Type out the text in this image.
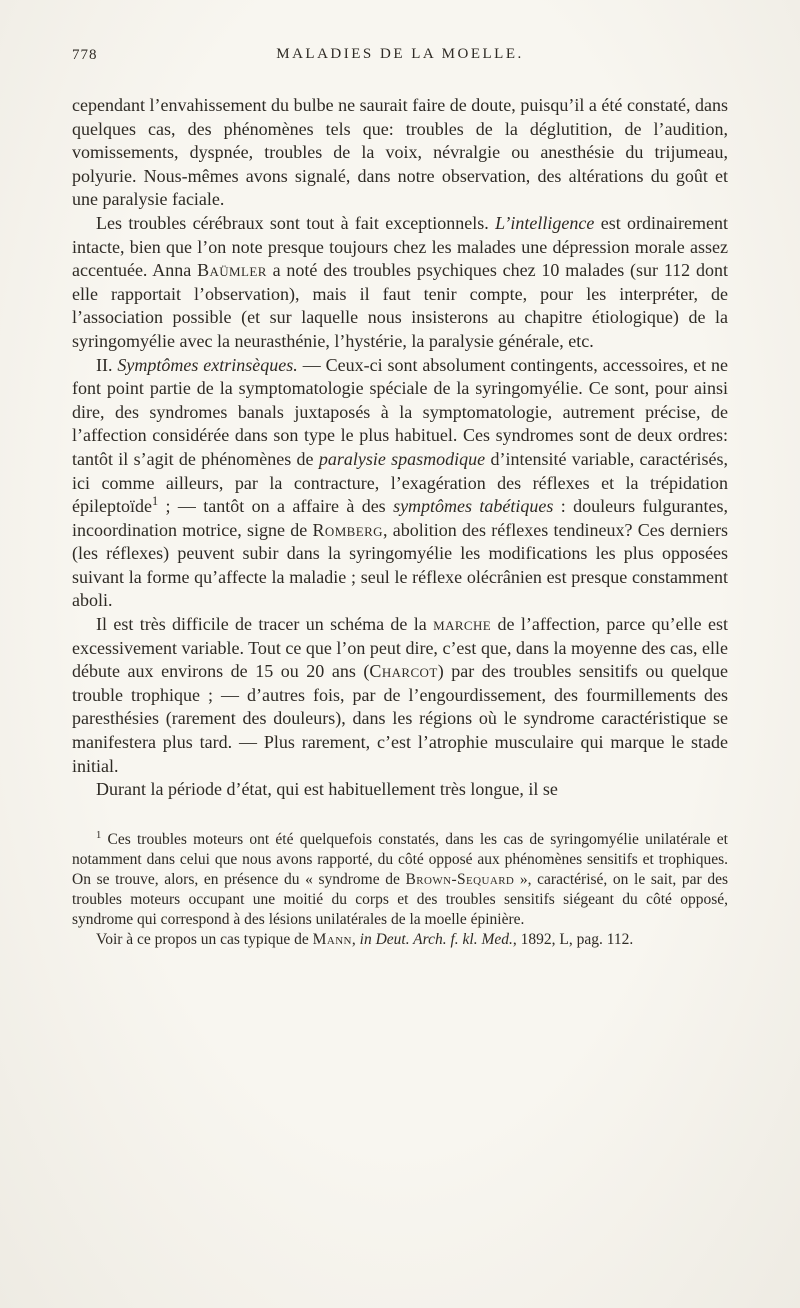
778	MALADIES DE LA MOELLE.

cependant l’envahissement du bulbe ne saurait faire de doute, puisqu’il a été constaté, dans quelques cas, des phénomènes tels que: troubles de la déglutition, de l’audition, vomissements, dyspnée, troubles de la voix, névralgie ou anesthésie du trijumeau, polyurie. Nous-mêmes avons signalé, dans notre observation, des altérations du goût et une paralysie faciale.

Les troubles cérébraux sont tout à fait exceptionnels. L’intelligence est ordinairement intacte, bien que l’on note presque toujours chez les malades une dépression morale assez accentuée. Anna Baümler a noté des troubles psychiques chez 10 malades (sur 112 dont elle rapportait l’observation), mais il faut tenir compte, pour les interpréter, de l’association possible (et sur laquelle nous insisterons au chapitre étiologique) de la syringomyélie avec la neurasthénie, l’hystérie, la paralysie générale, etc.

II. Symptômes extrinsèques. — Ceux-ci sont absolument contingents, accessoires, et ne font point partie de la symptomatologie spéciale de la syringomyélie. Ce sont, pour ainsi dire, des syndromes banals juxtaposés à la symptomatologie, autrement précise, de l’affection considérée dans son type le plus habituel. Ces syndromes sont de deux ordres: tantôt il s’agit de phénomènes de paralysie spasmodique d’intensité variable, caractérisés, ici comme ailleurs, par la contracture, l’exagération des réflexes et la trépidation épileptoïde$^1$ ; — tantôt on a affaire à des symptômes tabétiques : douleurs fulgurantes, incoordination motrice, signe de Romberg, abolition des réflexes tendineux? Ces derniers (les réflexes) peuvent subir dans la syringomyélie les modifications les plus opposées suivant la forme qu’affecte la maladie ; seul le réflexe olécrânien est presque constamment aboli.

Il est très difficile de tracer un schéma de la marche de l’affection, parce qu’elle est excessivement variable. Tout ce que l’on peut dire, c’est que, dans la moyenne des cas, elle débute aux environs de 15 ou 20 ans (Charcot) par des troubles sensitifs ou quelque trouble trophique ; — d’autres fois, par de l’engourdissement, des fourmillements des paresthésies (rarement des douleurs), dans les régions où le syndrome caractéristique se manifestera plus tard. — Plus rarement, c’est l’atrophie musculaire qui marque le stade initial.

Durant la période d’état, qui est habituellement très longue, il se

$^1$ Ces troubles moteurs ont été quelquefois constatés, dans les cas de syringomyélie unilatérale et notamment dans celui que nous avons rapporté, du côté opposé aux phénomènes sensitifs et trophiques. On se trouve, alors, en présence du « syndrome de Brown-Sequard », caractérisé, on le sait, par des troubles moteurs occupant une moitié du corps et des troubles sensitifs siégeant du côté opposé, syndrome qui correspond à des lésions unilatérales de la moelle épinière.

Voir à ce propos un cas typique de Mann, in Deut. Arch. f. kl. Med., 1892, L, pag. 112.
